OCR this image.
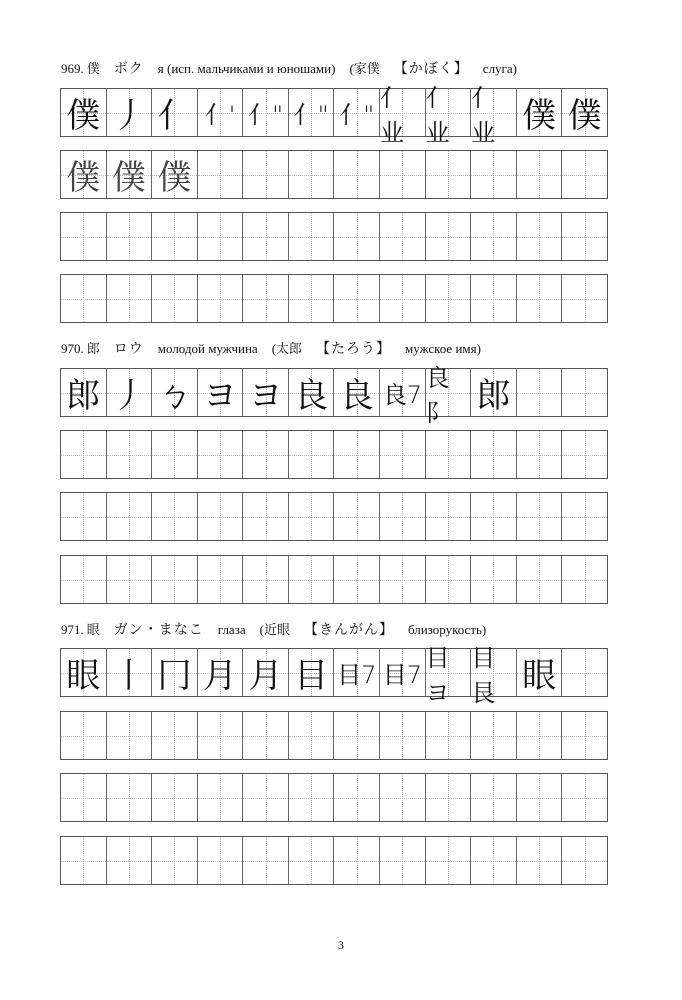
969. 僕 ボク я (исп. мальчиками и юношами) (家僕 【かぼく】 слуга)
僕 丿 亻 亻' 亻" 亻" 亻"
亻业
亻业
亻业 僕 僕
僕 僕 僕
970. 郎 ロウ молодой мужчина (太郎 【たろう】 мужское имя)
郎 丿 ㄅ ヨ ヨ 良 良 良7
良阝 郎
971. 眼 ガン・まなこ глаза (近眼 【きんがん】 близорукость)
眼 丨 冂 月 月 目 目7 目7
目ヨ
目艮 眼
3
